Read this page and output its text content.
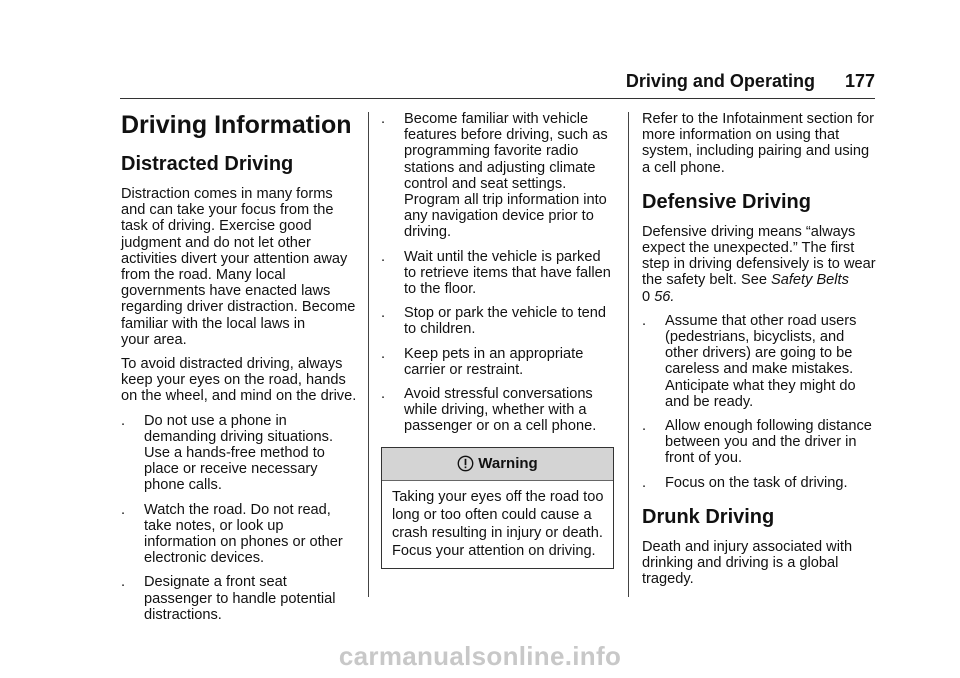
Driving and Operating 177
Driving Information
Distracted Driving

Distraction comes in many forms
and can take your focus from the
task of driving. Exercise good
judgment and do not let other
activities divert your attention away
from the road. Many local
governments have enacted laws
regarding driver distraction. Become
familiar with the local laws in
your area.

To avoid distracted driving, always
keep your eyes on the road, hands
on the wheel, and mind on the drive.

. Do not use a phone in
demanding driving situations.
Use a hands-free method to
place or receive necessary
phone calls.
. Watch the road. Do not read,
take notes, or look up
information on phones or other
electronic devices.
. Designate a front seat
passenger to handle potential
distractions.
. Become familiar with vehicle
features before driving, such as
programming favorite radio
stations and adjusting climate
control and seat settings.
Program all trip information into
any navigation device prior to
driving.
. Wait until the vehicle is parked
to retrieve items that have fallen
to the floor.
. Stop or park the vehicle to tend
to children.
. Keep pets in an appropriate
carrier or restraint.
. Avoid stressful conversations
while driving, whether with a
passenger or on a cell phone.
Warning
Taking your eyes off the road too
long or too often could cause a
crash resulting in injury or death.
Focus your attention on driving.

Refer to the Infotainment section for
more information on using that
system, including pairing and using
a cell phone.

Defensive Driving

Defensive driving means “always
expect the unexpected.” The first
step in driving defensively is to wear
the safety belt. See Safety Belts
0 56.

. Assume that other road users
(pedestrians, bicyclists, and
other drivers) are going to be
careless and make mistakes.
Anticipate what they might do
and be ready.
. Allow enough following distance
between you and the driver in
front of you.
. Focus on the task of driving.
Drunk Driving

Death and injury associated with
drinking and driving is a global
tragedy.

carmanualsonline.info
